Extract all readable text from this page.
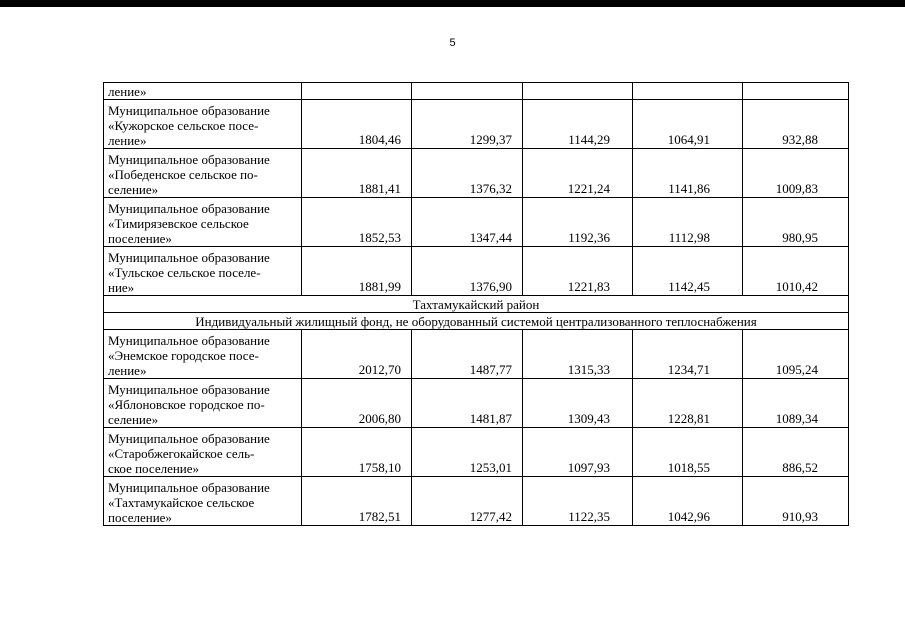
5
ление»					

Муниципальное образование
«Кужорское сельское посе-
ление»	1804,46	1299,37	1144,29	1064,91	932,88

Муниципальное образование
«Победенское сельское по-
селение»	1881,41	1376,32	1221,24	1141,86	1009,83

Муниципальное образование
«Тимирязевское сельское
поселение»	1852,53	1347,44	1192,36	1112,98	980,95

Муниципальное образование
«Тульское сельское поселе-
ние»	1881,99	1376,90	1221,83	1142,45	1010,42
Тахтамукайский район					
Индивидуальный жилищный фонд, не оборудованный системой централизованного теплоснабжения					

Муниципальное образование
«Энемское городское посе-
ление»	2012,70	1487,77	1315,33	1234,71	1095,24

Муниципальное образование
«Яблоновское городское по-
селение»	2006,80	1481,87	1309,43	1228,81	1089,34

Муниципальное образование
«Старобжегокайское сель-
ское поселение»	1758,10	1253,01	1097,93	1018,55	886,52

Муниципальное образование
«Тахтамукайское сельское
поселение»	1782,51	1277,42	1122,35	1042,96	910,93
